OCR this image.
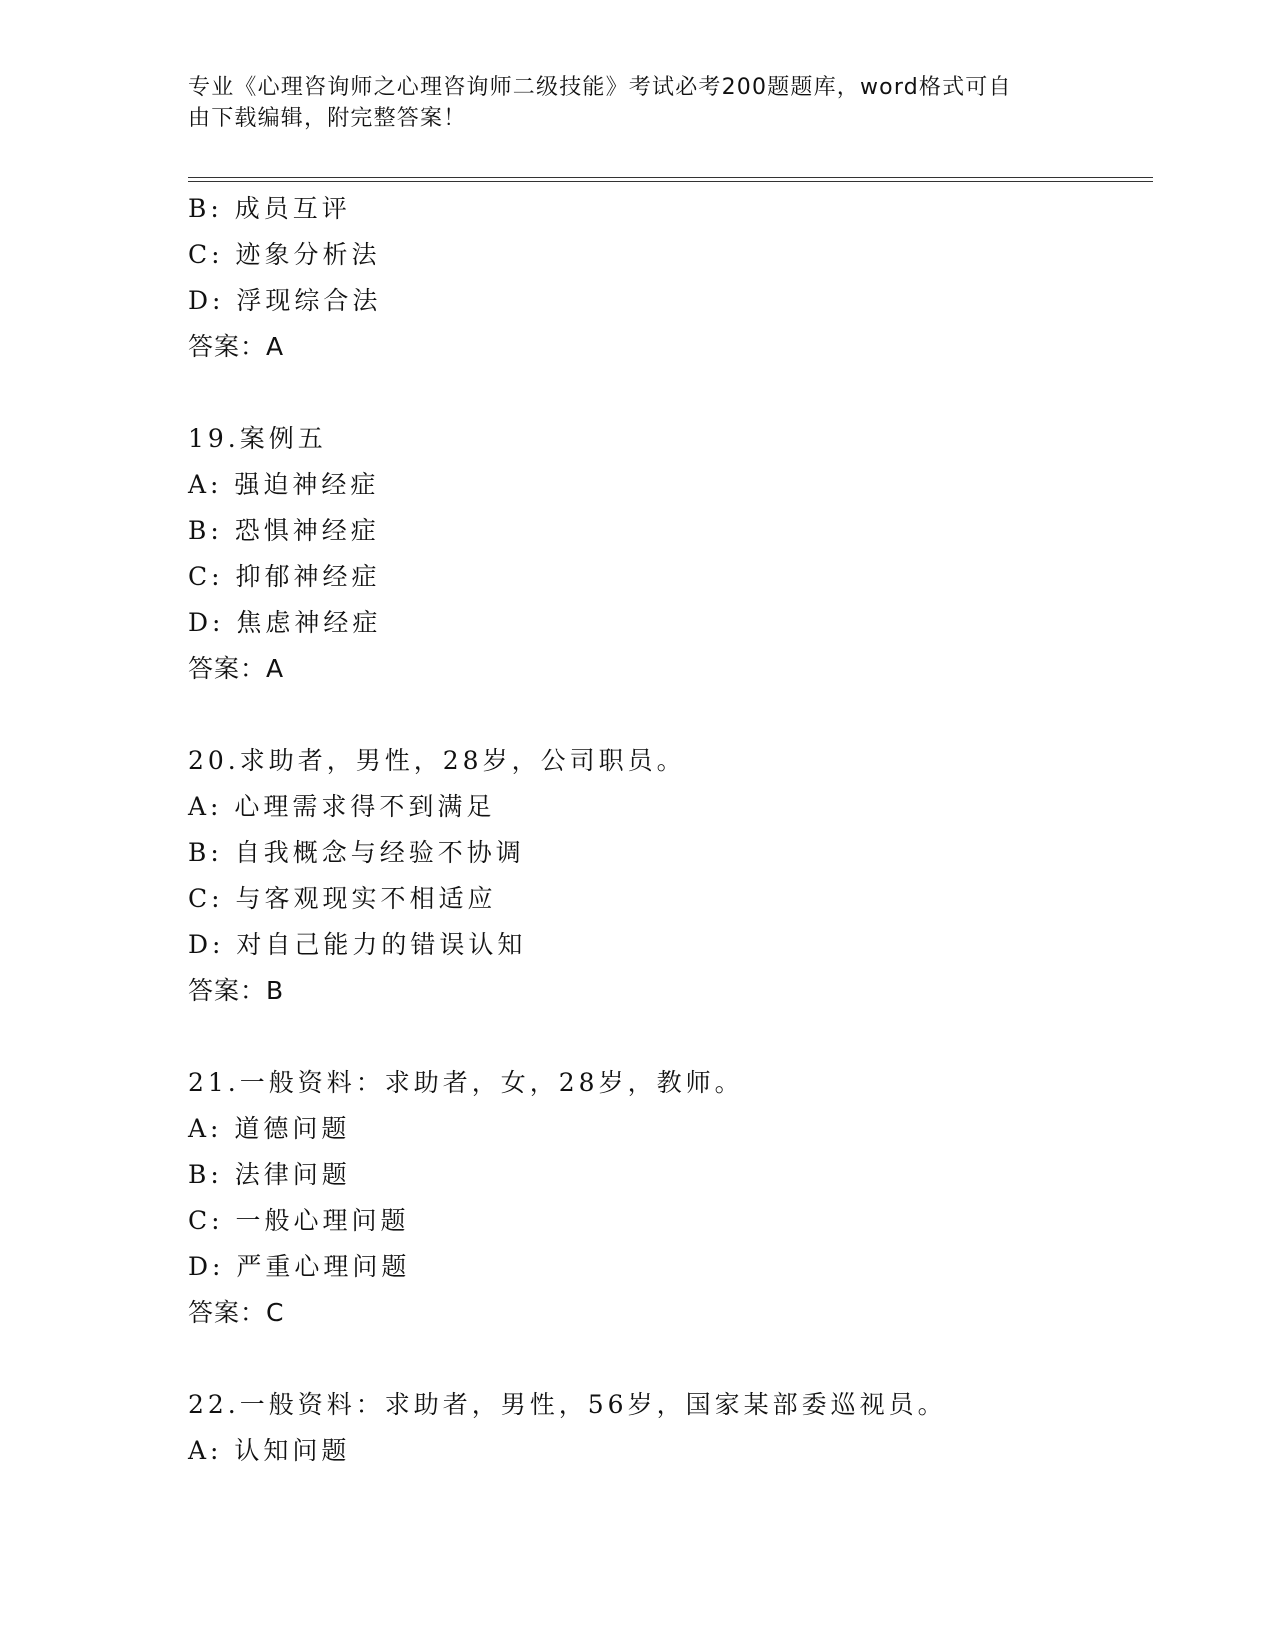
专业《心理咨询师之心理咨询师二级技能》考试必考200题题库，word格式可自
由下载编辑，附完整答案！
B: 成员互评
C: 迹象分析法
D: 浮现综合法
答案：A
19.案例五
A: 强迫神经症
B: 恐惧神经症
C: 抑郁神经症
D: 焦虑神经症
答案：A
20.求助者，男性，28岁，公司职员。
A: 心理需求得不到满足
B: 自我概念与经验不协调
C: 与客观现实不相适应
D: 对自己能力的错误认知
答案：B
21.一般资料：求助者，女，28岁，教师。
A: 道德问题
B: 法律问题
C: 一般心理问题
D: 严重心理问题
答案：C
22.一般资料：求助者，男性，56岁，国家某部委巡视员。
A: 认知问题
